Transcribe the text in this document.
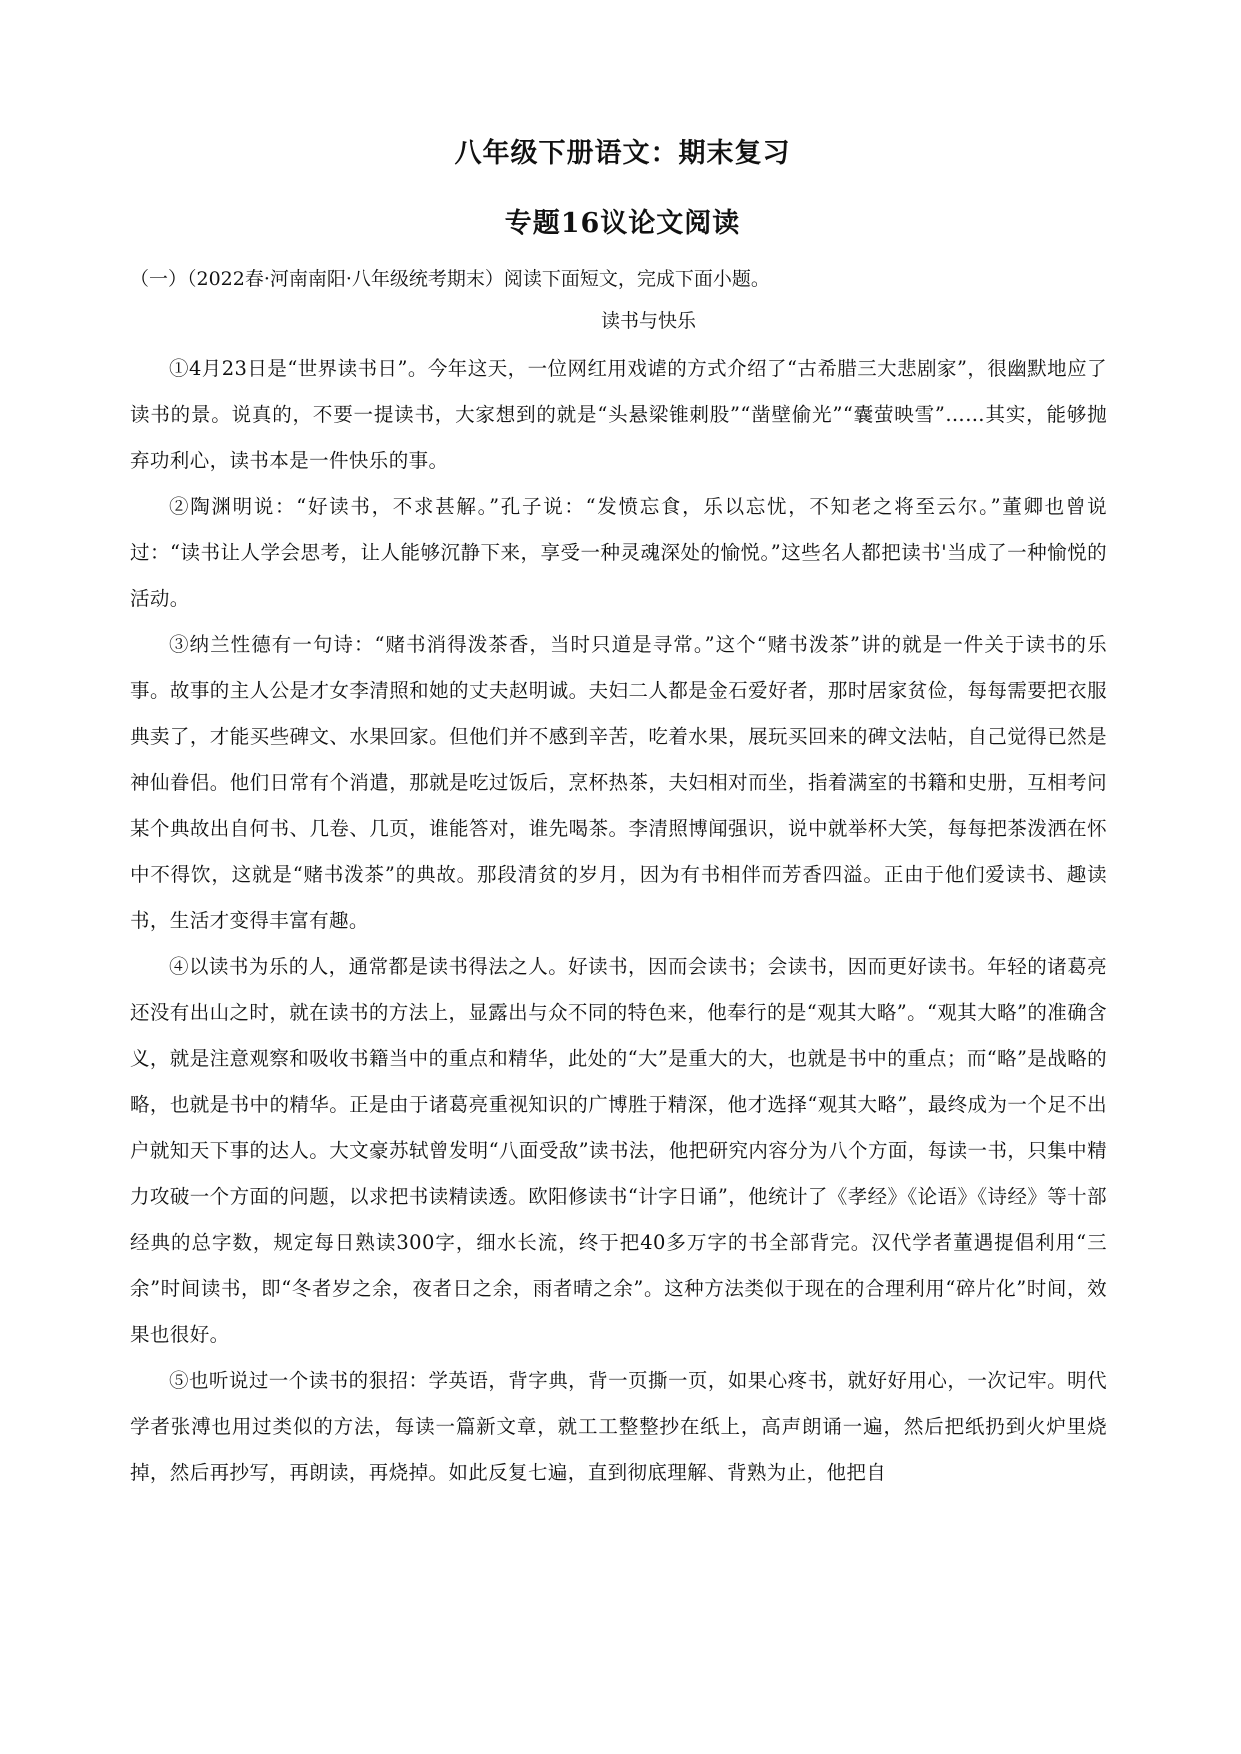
八年级下册语文：期末复习
专题16议论文阅读

（一）（2022春·河南南阳·八年级统考期末）阅读下面短文，完成下面小题。

读书与快乐

①4月23日是“世界读书日”。今年这天，一位网红用戏谑的方式介绍了“古希腊三大悲剧家”，很幽默地应了读书的景。说真的，不要一提读书，大家想到的就是“头悬梁锥刺股”“凿壁偷光”“囊萤映雪”……其实，能够抛弃功利心，读书本是一件快乐的事。

②陶渊明说：“好读书，不求甚解。”孔子说：“发愤忘食，乐以忘忧，不知老之将至云尔。”董卿也曾说过：“读书让人学会思考，让人能够沉静下来，享受一种灵魂深处的愉悦。”这些名人都把读书'当成了一种愉悦的活动。

③纳兰性德有一句诗：“赌书消得泼茶香，当时只道是寻常。”这个“赌书泼茶”讲的就是一件关于读书的乐事。故事的主人公是才女李清照和她的丈夫赵明诚。夫妇二人都是金石爱好者，那时居家贫俭，每每需要把衣服典卖了，才能买些碑文、水果回家。但他们并不感到辛苦，吃着水果，展玩买回来的碑文法帖，自己觉得已然是神仙眷侣。他们日常有个消遣，那就是吃过饭后，烹杯热茶，夫妇相对而坐，指着满室的书籍和史册，互相考问某个典故出自何书、几卷、几页，谁能答对，谁先喝茶。李清照博闻强识，说中就举杯大笑，每每把茶泼洒在怀中不得饮，这就是“赌书泼茶”的典故。那段清贫的岁月，因为有书相伴而芳香四溢。正由于他们爱读书、趣读书，生活才变得丰富有趣。

④以读书为乐的人，通常都是读书得法之人。好读书，因而会读书；会读书，因而更好读书。年轻的诸葛亮还没有出山之时，就在读书的方法上，显露出与众不同的特色来，他奉行的是“观其大略”。“观其大略”的准确含义，就是注意观察和吸收书籍当中的重点和精华，此处的“大”是重大的大，也就是书中的重点；而“略”是战略的略，也就是书中的精华。正是由于诸葛亮重视知识的广博胜于精深，他才选择“观其大略”，最终成为一个足不出户就知天下事的达人。大文豪苏轼曾发明“八面受敌”读书法，他把研究内容分为八个方面，每读一书，只集中精力攻破一个方面的问题，以求把书读精读透。欧阳修读书“计字日诵”，他统计了《孝经》《论语》《诗经》等十部经典的总字数，规定每日熟读300字，细水长流，终于把40多万字的书全部背完。汉代学者董遇提倡利用“三余”时间读书，即“冬者岁之余，夜者日之余，雨者晴之余”。这种方法类似于现在的合理利用“碎片化”时间，效果也很好。

⑤也听说过一个读书的狠招：学英语，背字典，背一页撕一页，如果心疼书，就好好用心，一次记牢。明代学者张溥也用过类似的方法，每读一篇新文章，就工工整整抄在纸上，高声朗诵一遍，然后把纸扔到火炉里烧掉，然后再抄写，再朗读，再烧掉。如此反复七遍，直到彻底理解、背熟为止，他把自
